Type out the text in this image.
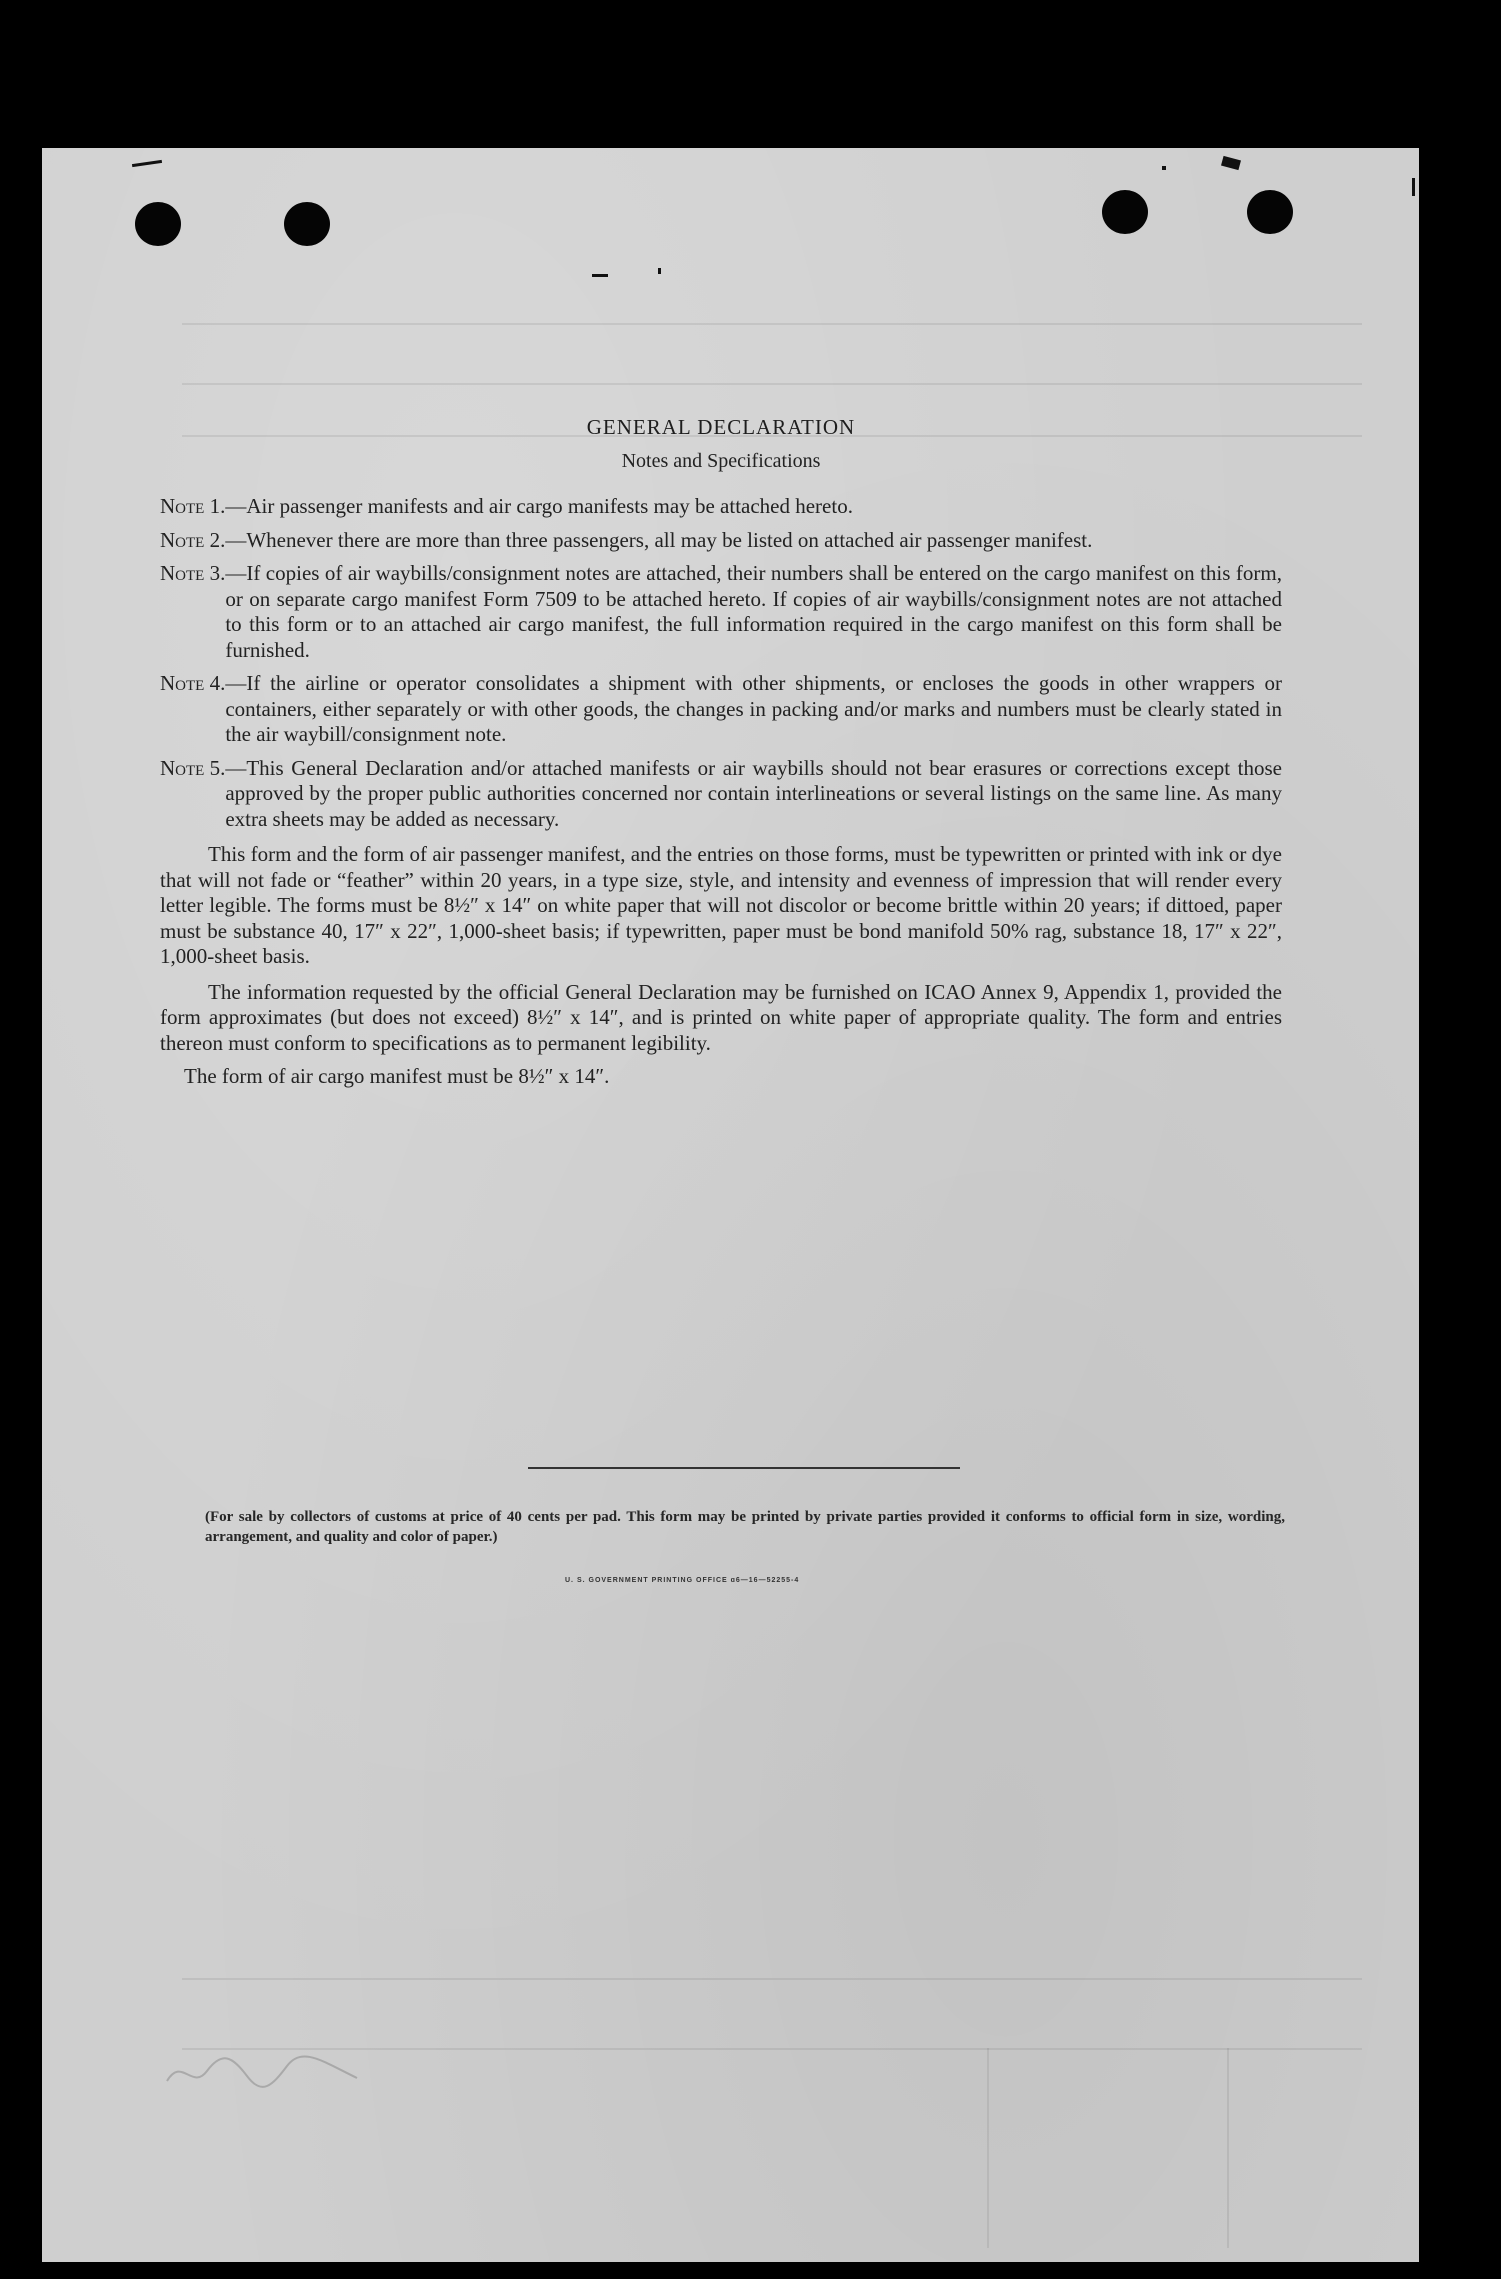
GENERAL DECLARATION
Notes and Specifications
Note 1. —Air passenger manifests and air cargo manifests may be attached hereto.
Note 2. —Whenever there are more than three passengers, all may be listed on attached air passenger manifest.
Note 3. —If copies of air waybills/consignment notes are attached, their numbers shall be entered on the cargo manifest on this form, or on separate cargo manifest Form 7509 to be attached hereto. If copies of air waybills/consignment notes are not attached to this form or to an attached air cargo manifest, the full information required in the cargo manifest on this form shall be furnished.
Note 4. —If the airline or operator consolidates a shipment with other shipments, or encloses the goods in other wrappers or containers, either separately or with other goods, the changes in packing and/or marks and numbers must be clearly stated in the air waybill/consignment note.
Note 5. —This General Declaration and/or attached manifests or air waybills should not bear erasures or corrections except those approved by the proper public authorities concerned nor contain interlineations or several listings on the same line. As many extra sheets may be added as necessary.

This form and the form of air passenger manifest, and the entries on those forms, must be typewritten or printed with ink or dye that will not fade or “feather” within 20 years, in a type size, style, and intensity and evenness of impression that will render every letter legible. The forms must be 8½″ x 14″ on white paper that will not discolor or become brittle within 20 years; if dittoed, paper must be substance 40, 17″ x 22″, 1,000-sheet basis; if typewritten, paper must be bond manifold 50% rag, substance 18, 17″ x 22″, 1,000-sheet basis.

The information requested by the official General Declaration may be furnished on ICAO Annex 9, Appendix 1, provided the form approximates (but does not exceed) 8½″ x 14″, and is printed on white paper of appropriate quality. The form and entries thereon must conform to specifications as to permanent legibility.

The form of air cargo manifest must be 8½″ x 14″.

(For sale by collectors of customs at price of 40 cents per pad. This form may be printed by private parties provided it conforms to official form in size, wording, arrangement, and quality and color of paper.)
U. S. GOVERNMENT PRINTING OFFICE ɑ6—16—52255-4
